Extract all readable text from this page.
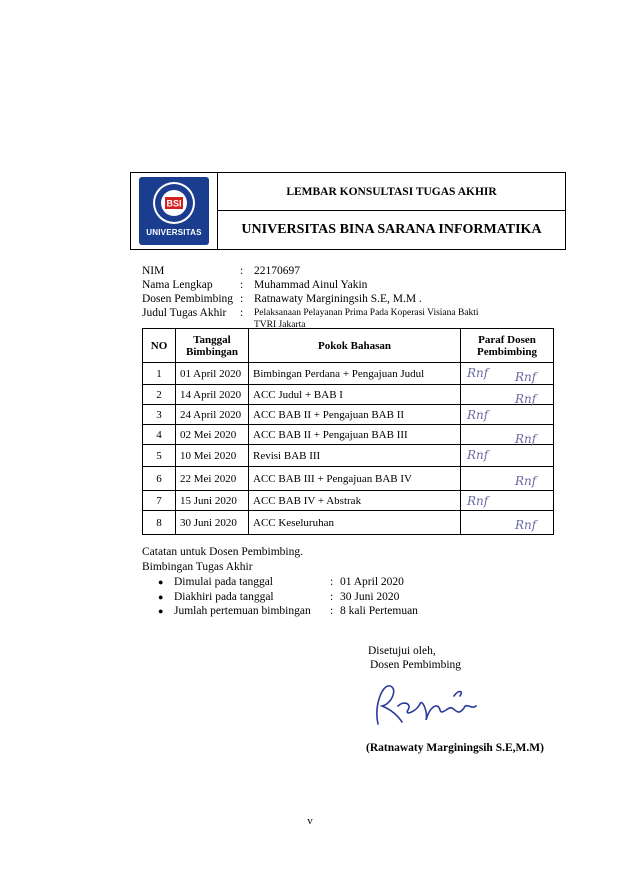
BSI
UNIVERSITAS
LEMBAR KONSULTASI TUGAS AKHIR
UNIVERSITAS BINA SARANA INFORMATIKA
NIM	: 22170697
Nama Lengkap	: Muhammad Ainul Yakin
Dosen Pembimbing : Ratnawaty Marginingsih S.E, M.M .
Judul Tugas Akhir	:	Pelaksanaan Pelayanan Prima Pada Koperasi Visiana Bakti
TVRI Jakarta
NO	Tanggal Bimbingan	Pokok Bahasan	Paraf Dosen Pembimbing
1	01 April 2020	Bimbingan Perdana + Pengajuan Judul	Rnf Rnf

2	14 April 2020	ACC Judul + BAB I	Rnf

3	24 April 2020	ACC BAB II + Pengajuan BAB II	Rnf

4	02 Mei 2020	ACC BAB II + Pengajuan BAB III	Rnf

5	10 Mei 2020	Revisi BAB III	Rnf

6	22 Mei 2020	ACC BAB III + Pengajuan BAB IV	Rnf

7	15 Juni 2020	ACC BAB IV + Abstrak	Rnf

8	30 Juni 2020	ACC Keseluruhan	Rnf
Catatan untuk Dosen Pembimbing.
Bimbingan Tugas Akhir
● Dimulai pada tanggal	: 01 April 2020
● Diakhiri pada tanggal	: 30 Juni 2020
● Jumlah pertemuan bimbingan	: 8 kali Pertemuan
Disetujui oleh,
Dosen Pembimbing
(Ratnawaty Marginingsih S.E,M.M)
v
